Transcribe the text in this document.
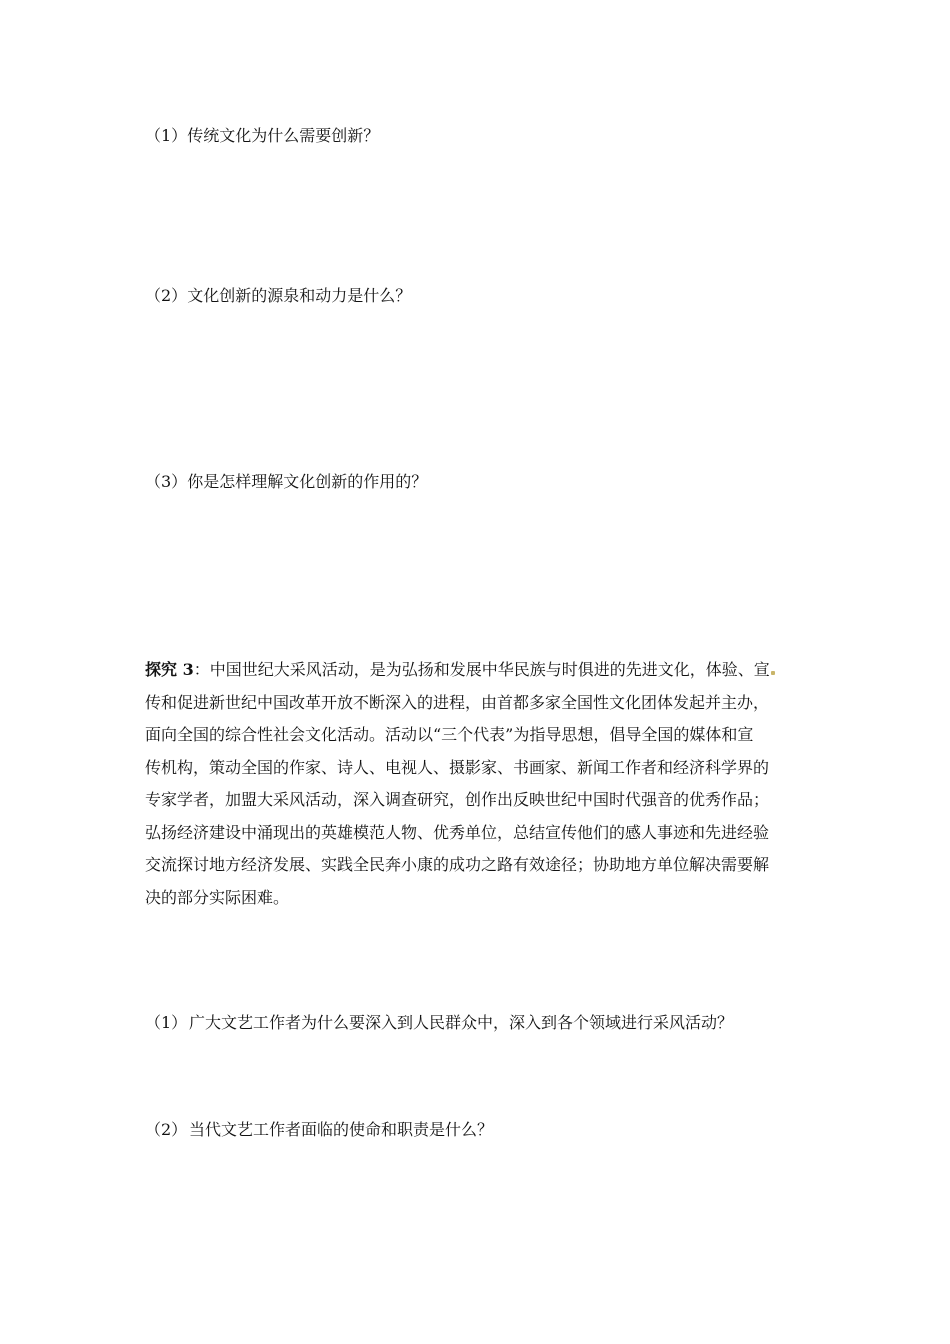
（1）传统文化为什么需要创新？
（2）文化创新的源泉和动力是什么？
（3）你是怎样理解文化创新的作用的？
探究 3：中国世纪大采风活动，是为弘扬和发展中华民族与时俱进的先进文化，体验、宣
传和促进新世纪中国改革开放不断深入的进程，由首都多家全国性文化团体发起并主办，
面向全国的综合性社会文化活动。活动以“三个代表”为指导思想，倡导全国的媒体和宣
传机构，策动全国的作家、诗人、电视人、摄影家、书画家、新闻工作者和经济科学界的
专家学者，加盟大采风活动，深入调查研究，创作出反映世纪中国时代强音的优秀作品；
弘扬经济建设中涌现出的英雄模范人物、优秀单位，总结宣传他们的感人事迹和先进经验
交流探讨地方经济发展、实践全民奔小康的成功之路有效途径；协助地方单位解决需要解
决的部分实际困难。
（1） 广大文艺工作者为什么要深入到人民群众中，深入到各个领域进行采风活动？
（2） 当代文艺工作者面临的使命和职责是什么？
